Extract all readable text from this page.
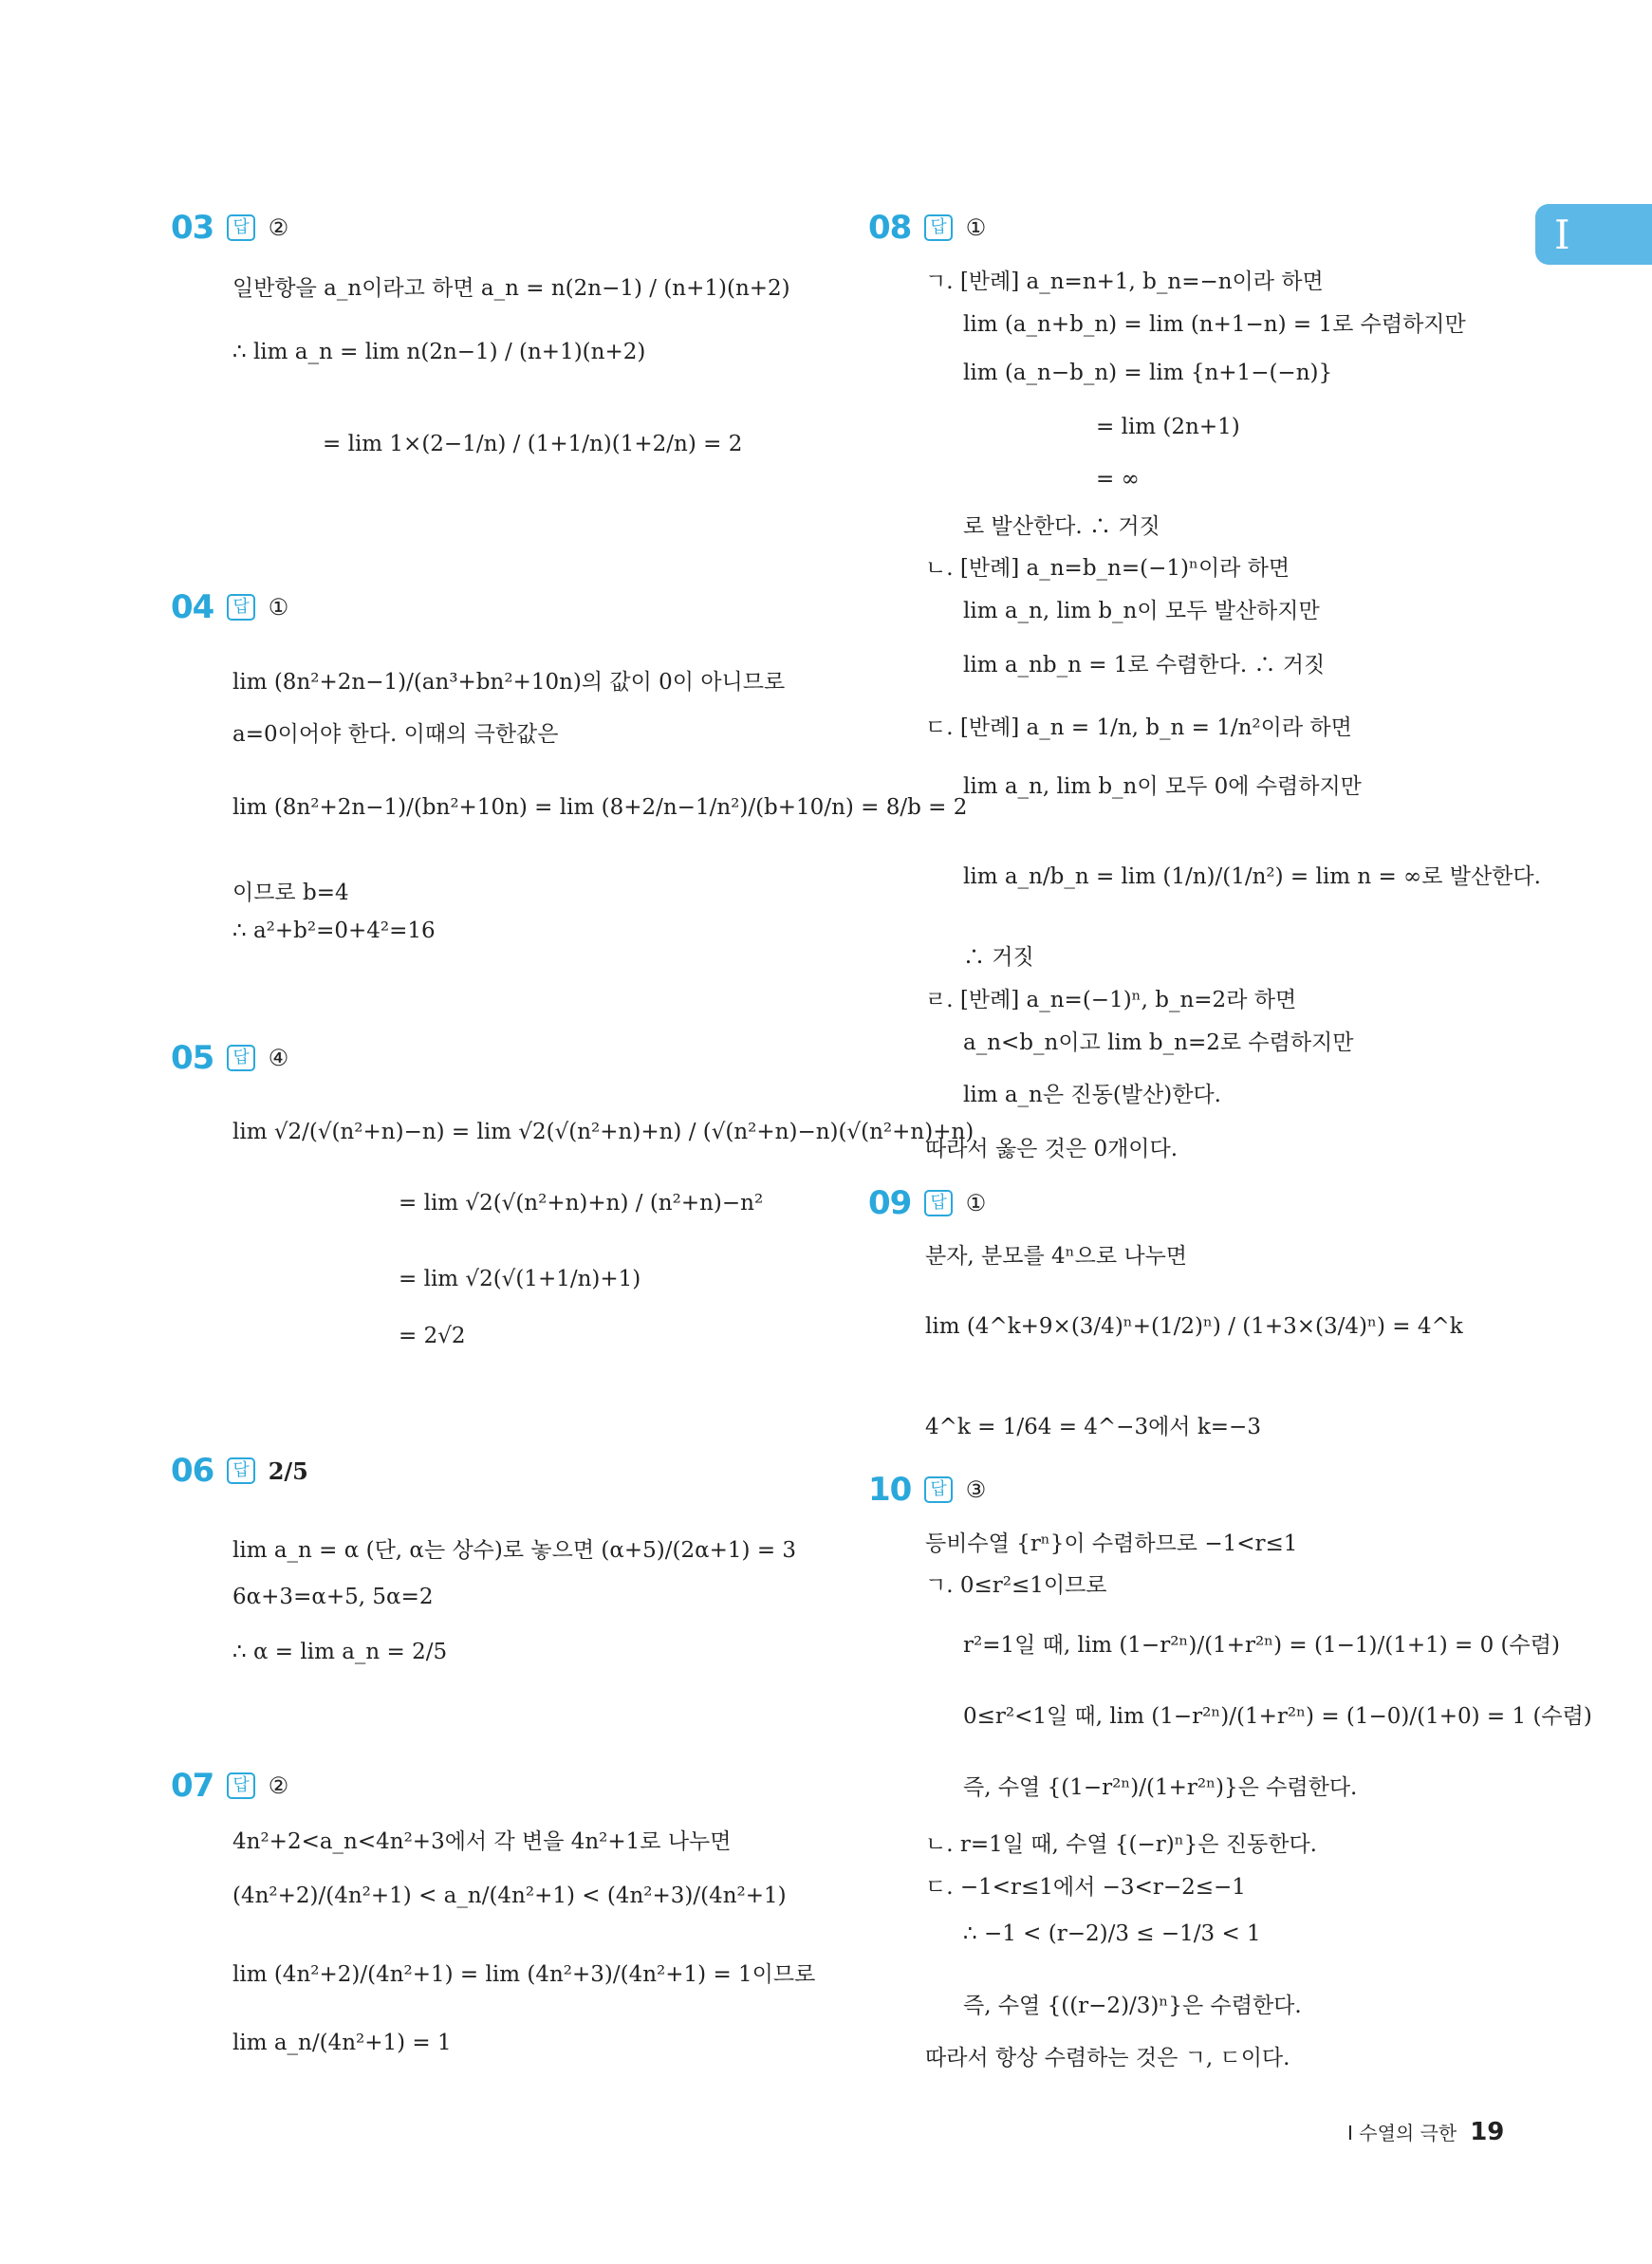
I
03	답 ②
일반항을 a_n이라고 하면 a_n = n(2n−1) / (n+1)(n+2)
∴ lim a_n = lim n(2n−1) / (n+1)(n+2)
= lim 1×(2−1/n) / (1+1/n)(1+2/n) = 2
04	답 ①
lim (8n²+2n−1)/(an³+bn²+10n)의 값이 0이 아니므로
a=0이어야 한다. 이때의 극한값은
lim (8n²+2n−1)/(bn²+10n) = lim (8+2/n−1/n²)/(b+10/n) = 8/b = 2
이므로 b=4
∴ a²+b²=0+4²=16
05	답 ④
lim √2/(√(n²+n)−n) = lim √2(√(n²+n)+n) / (√(n²+n)−n)(√(n²+n)+n)
= lim √2(√(n²+n)+n) / (n²+n)−n²
= lim √2(√(1+1/n)+1)
= 2√2
06	답 2/5
lim a_n = α (단, α는 상수)로 놓으면 (α+5)/(2α+1) = 3
6α+3=α+5, 5α=2
∴ α = lim a_n = 2/5
07	답 ②
4n²+2<a_n<4n²+3에서 각 변을 4n²+1로 나누면
(4n²+2)/(4n²+1) < a_n/(4n²+1) < (4n²+3)/(4n²+1)
lim (4n²+2)/(4n²+1) = lim (4n²+3)/(4n²+1) = 1이므로
lim a_n/(4n²+1) = 1
08	답 ①
ㄱ. [반례] a_n=n+1, b_n=−n이라 하면
lim (a_n+b_n) = lim (n+1−n) = 1로 수렴하지만
lim (a_n−b_n) = lim {n+1−(−n)}
= lim (2n+1)
= ∞
로 발산한다. ∴ 거짓
ㄴ. [반례] a_n=b_n=(−1)ⁿ이라 하면
lim a_n, lim b_n이 모두 발산하지만
lim a_nb_n = 1로 수렴한다. ∴ 거짓
ㄷ. [반례] a_n = 1/n, b_n = 1/n²이라 하면
lim a_n, lim b_n이 모두 0에 수렴하지만
lim a_n/b_n = lim (1/n)/(1/n²) = lim n = ∞로 발산한다.
∴ 거짓
ㄹ. [반례] a_n=(−1)ⁿ, b_n=2라 하면
a_n<b_n이고 lim b_n=2로 수렴하지만
lim a_n은 진동(발산)한다.
따라서 옳은 것은 0개이다.
09	답 ①
분자, 분모를 4ⁿ으로 나누면
lim (4^k+9×(3/4)ⁿ+(1/2)ⁿ) / (1+3×(3/4)ⁿ) = 4^k
4^k = 1/64 = 4^−3에서 k=−3
10	답 ③
등비수열 {rⁿ}이 수렴하므로 −1<r≤1
ㄱ. 0≤r²≤1이므로
r²=1일 때, lim (1−r²ⁿ)/(1+r²ⁿ) = (1−1)/(1+1) = 0 (수렴)
0≤r²<1일 때, lim (1−r²ⁿ)/(1+r²ⁿ) = (1−0)/(1+0) = 1 (수렴)
즉, 수열 {(1−r²ⁿ)/(1+r²ⁿ)}은 수렴한다.
ㄴ. r=1일 때, 수열 {(−r)ⁿ}은 진동한다.
ㄷ. −1<r≤1에서 −3<r−2≤−1
∴ −1 < (r−2)/3 ≤ −1/3 < 1
즉, 수열 {((r−2)/3)ⁿ}은 수렴한다.
따라서 항상 수렴하는 것은 ㄱ, ㄷ이다.
I 수열의 극한 19
